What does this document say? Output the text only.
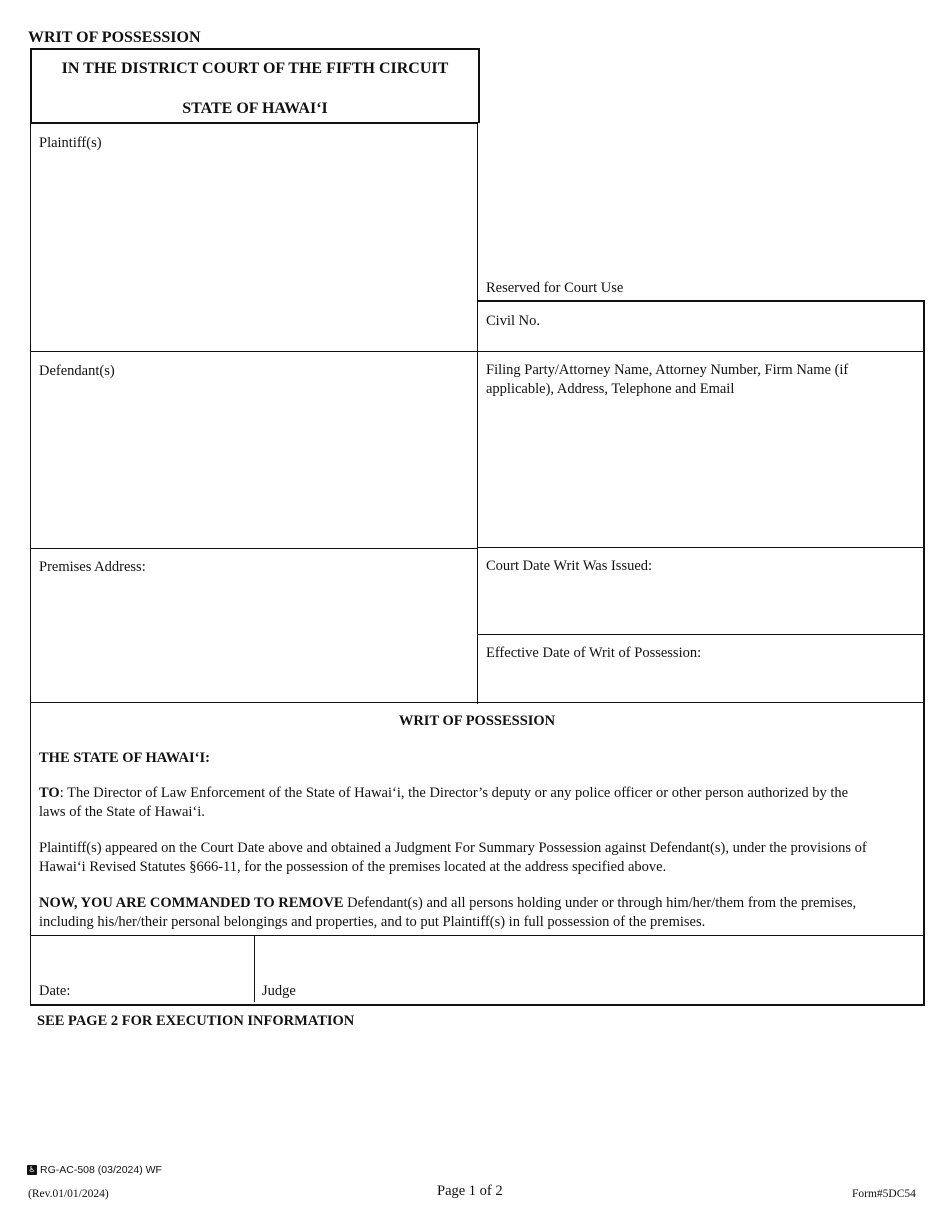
WRIT OF POSSESSION
IN THE DISTRICT COURT OF THE FIFTH CIRCUIT
STATE OF HAWAI‘I
Plaintiff(s)
Defendant(s)
Premises Address:
Reserved for Court Use
Civil No.
Filing Party/Attorney Name, Attorney Number, Firm Name (if
applicable), Address, Telephone and Email
Court Date Writ Was Issued:
Effective Date of Writ of Possession:
WRIT OF POSSESSION
THE STATE OF HAWAI‘I:
TO: The Director of Law Enforcement of the State of Hawai‘i, the Director’s deputy or any police officer or other person authorized by the
laws of the State of Hawai‘i.
Plaintiff(s) appeared on the Court Date above and obtained a Judgment For Summary Possession against Defendant(s), under the provisions of
Hawai‘i Revised Statutes §666-11, for the possession of the premises located at the address specified above.
NOW, YOU ARE COMMANDED TO REMOVE Defendant(s) and all persons holding under or through him/her/them from the premises,
including his/her/their personal belongings and properties, and to put Plaintiff(s) in full possession of the premises.
Date:	Judge
SEE PAGE 2 FOR EXECUTION INFORMATION
♿ RG-AC-508 (03/2024) WF
(Rev.01/01/2024)	Page 1 of 2	Form#5DC54
